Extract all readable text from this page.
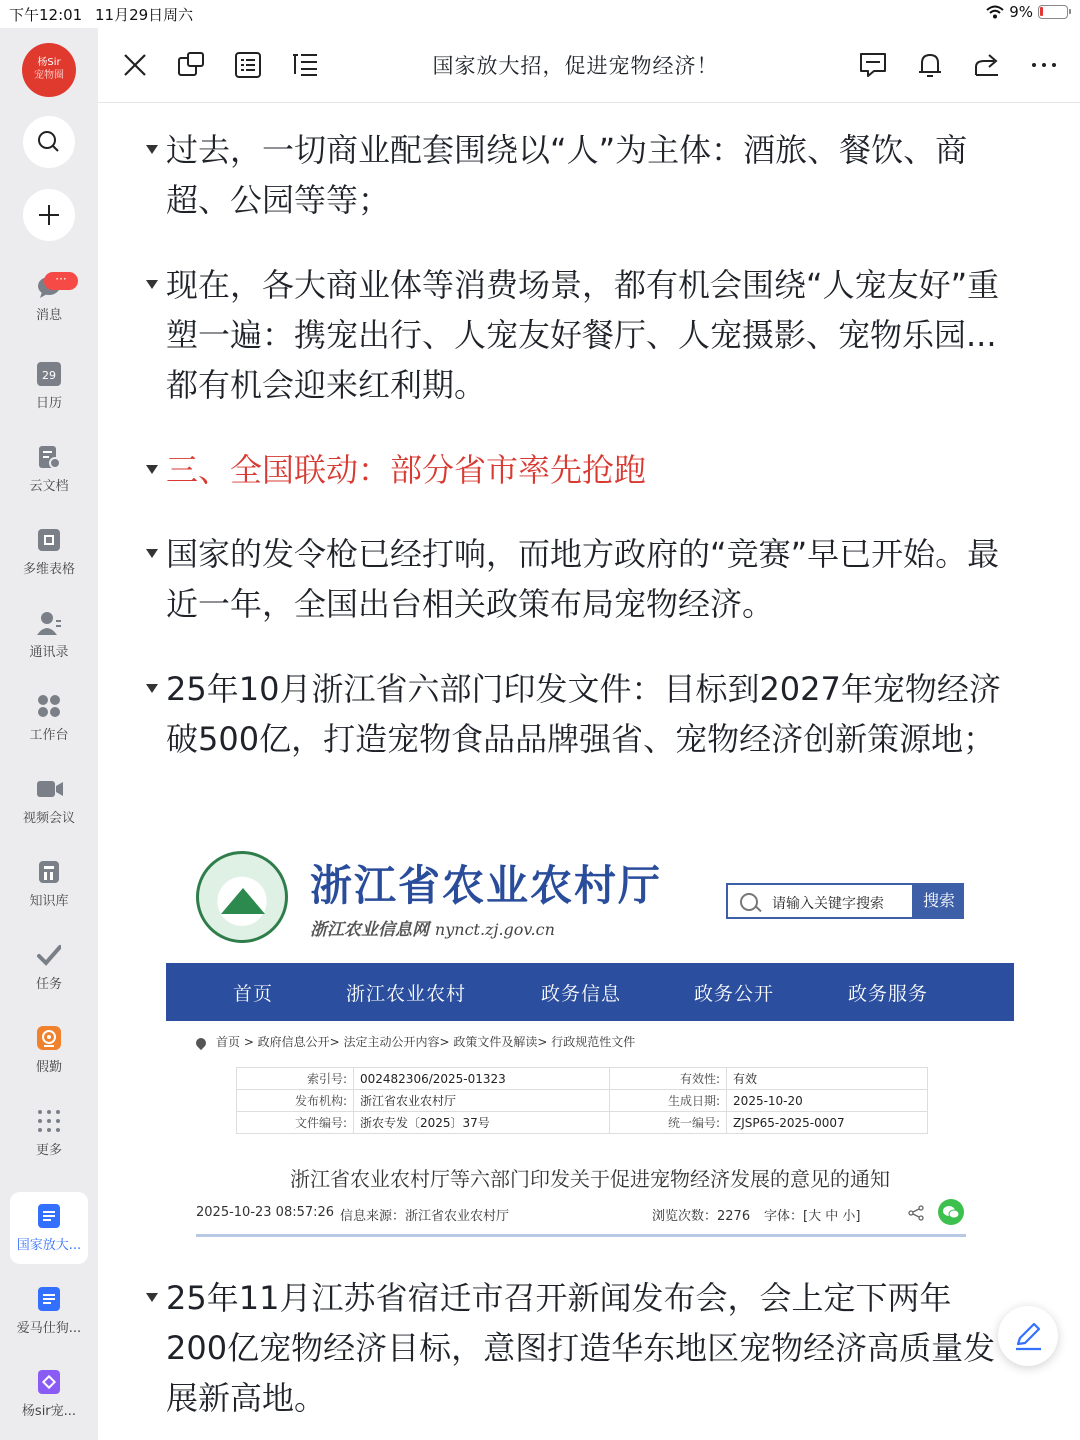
下午12:01 11月29日周六	9%
杨Sir
宠物圈
···
消息
29
日历
云文档
多维表格
通讯录
工作台
视频会议
知识库
任务
假勤
更多
国家放大...
爱马仕狗...
杨sir宠...
国家放大招，促进宠物经济！
过去，一切商业配套围绕以“人”为主体：酒旅、餐饮、商超、公园等等；
现在，各大商业体等消费场景，都有机会围绕“人宠友好”重塑一遍：携宠出行、人宠友好餐厅、人宠摄影、宠物乐园...都有机会迎来红利期。
三、全国联动：部分省市率先抢跑
国家的发令枪已经打响，而地方政府的“竞赛”早已开始。最近一年，全国出台相关政策布局宠物经济。
25年10月浙江省六部门印发文件：目标到2027年宠物经济破500亿，打造宠物食品品牌强省、宠物经济创新策源地；
浙江省农业农村厅
浙江农业信息网 nynct.zj.gov.cn
请输入关键字搜索	搜索
首页	浙江农业农村	政务信息	政务公开	政务服务
首页 > 政府信息公开> 法定主动公开内容> 政策文件及解读> 行政规范性文件
索引号:	002482306/2025-01323	有效性:	有效
发布机构:	浙江省农业农村厅	生成日期:	2025-10-20
文件编号:	浙农专发〔2025〕37号	统一编号:	ZJSP65-2025-0007
浙江省农业农村厅等六部门印发关于促进宠物经济发展的意见的通知
2025-10-23 08:57:26 信息来源：浙江省农业农村厅	浏览次数：2276 字体：[大 中 小]
25年11月江苏省宿迁市召开新闻发布会，会上定下两年200亿宠物经济目标，意图打造华东地区宠物经济高质量发展新高地。
